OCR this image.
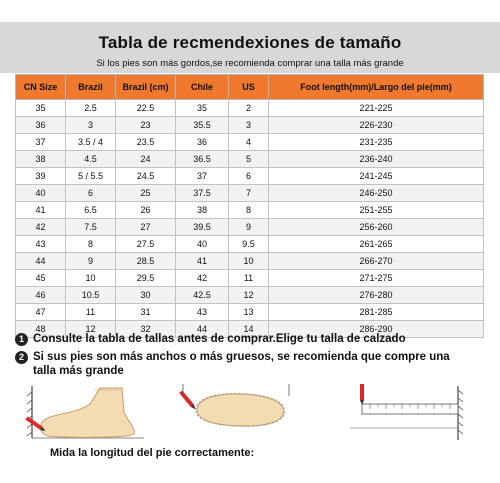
Tabla de recmendexiones de tamaño
Si los pies son más gordos,se recomienda comprar una talla más grande
CN Size	Brazil	Brazil (cm)	Chile	US	Foot length(mm)/Largo del pie(mm)
35	2.5	22.5	35	2	221-225
36	3	23	35.5	3	226-230
37	3.5 / 4	23.5	36	4	231-235
38	4.5	24	36.5	5	236-240
39	5 / 5.5	24.5	37	6	241-245
40	6	25	37.5	7	246-250
41	6.5	26	38	8	251-255
42	7.5	27	39.5	9	256-260
43	8	27.5	40	9.5	261-265
44	9	28.5	41	10	266-270
45	10	29.5	42	11	271-275
46	10.5	30	42.5	12	276-280
47	11	31	43	13	281-285
48	12	32	44	14	286-290
1 Consulte la tabla de tallas antes de comprar.Elige tu talla de calzado
2 Si sus pies son más anchos o más gruesos, se recomienda que compre una
talla más grande
Mida la longitud del pie correctamente:
